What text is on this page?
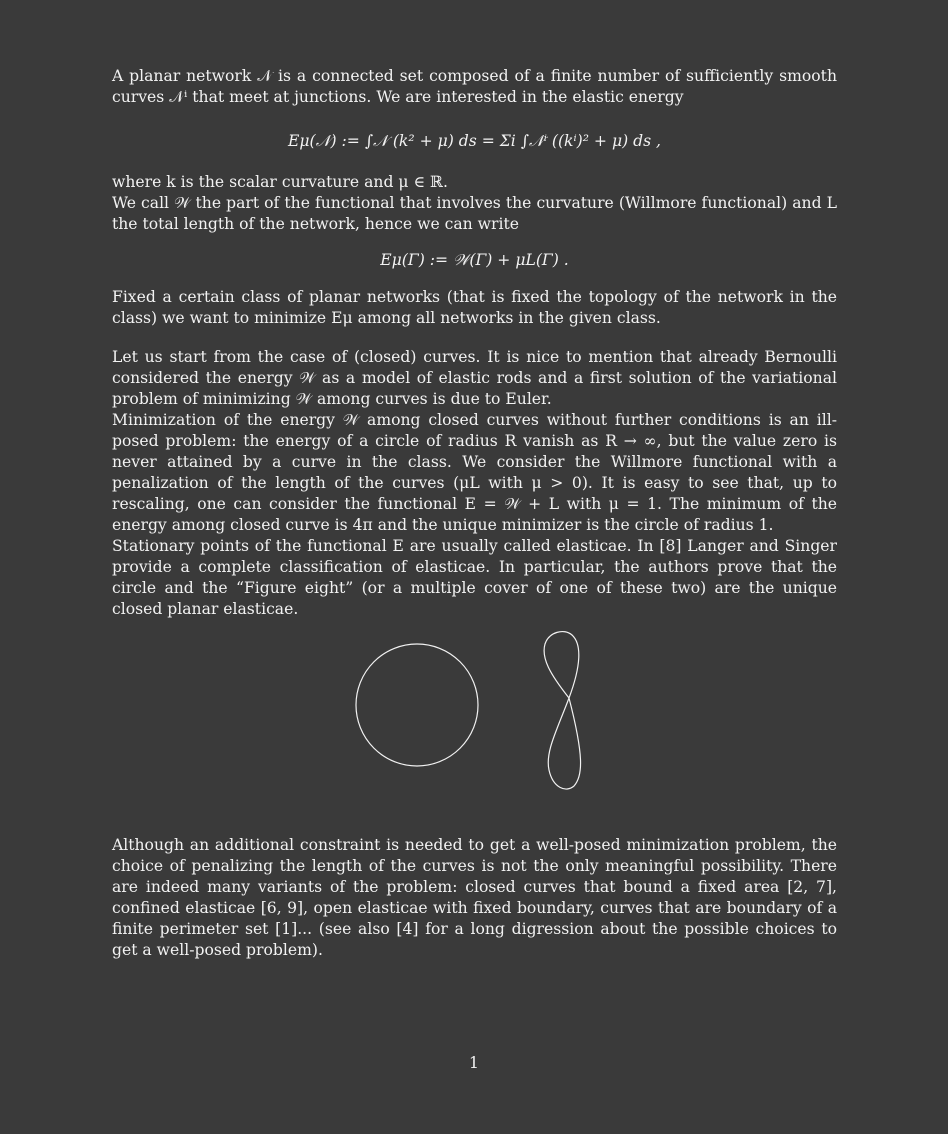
A planar network 𝒩 is a connected set composed of a finite number of sufficiently smooth curves 𝒩ⁱ that meet at junctions. We are interested in the elastic energy

Eμ(𝒩) := ∫𝒩 (k² + μ) ds = Σi ∫𝒩ⁱ ((kⁱ)² + μ) ds ,

where k is the scalar curvature and μ ∈ ℝ.

We call 𝒲 the part of the functional that involves the curvature (Willmore functional) and L the total length of the network, hence we can write

Eμ(Γ) := 𝒲(Γ) + μL(Γ) .

Fixed a certain class of planar networks (that is fixed the topology of the network in the class) we want to minimize Eμ among all networks in the given class.

Let us start from the case of (closed) curves. It is nice to mention that already Bernoulli considered the energy 𝒲 as a model of elastic rods and a first solution of the variational problem of minimizing 𝒲 among curves is due to Euler.

Minimization of the energy 𝒲 among closed curves without further conditions is an ill-posed problem: the energy of a circle of radius R vanish as R → ∞, but the value zero is never attained by a curve in the class. We consider the Willmore functional with a penalization of the length of the curves (μL with μ > 0). It is easy to see that, up to rescaling, one can consider the functional E = 𝒲 + L with μ = 1. The minimum of the energy among closed curve is 4π and the unique minimizer is the circle of radius 1.

Stationary points of the functional E are usually called elasticae. In [8] Langer and Singer provide a complete classification of elasticae. In particular, the authors prove that the circle and the “Figure eight” (or a multiple cover of one of these two) are the unique closed planar elasticae.

Although an additional constraint is needed to get a well-posed minimization problem, the choice of penalizing the length of the curves is not the only meaningful possibility. There are indeed many variants of the problem: closed curves that bound a fixed area [2, 7], confined elasticae [6, 9], open elasticae with fixed boundary, curves that are boundary of a finite perimeter set [1]... (see also [4] for a long digression about the possible choices to get a well-posed problem).

1
